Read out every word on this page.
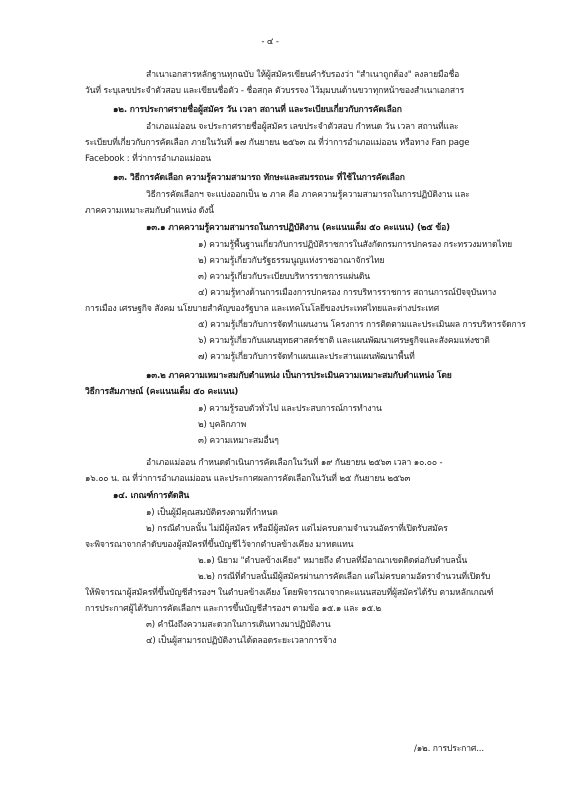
- ๔ -
สำเนาเอกสารหลักฐานทุกฉบับ ให้ผู้สมัครเขียนคำรับรองว่า "สำเนาถูกต้อง" ลงลายมือชื่อ
วันที่ ระบุเลขประจำตัวสอบ และเขียนชื่อตัว - ชื่อสกุล ตัวบรรจง ไว้มุมบนด้านขวาทุกหน้าของสำเนาเอกสาร
๑๒. การประกาศรายชื่อผู้สมัคร วัน เวลา สถานที่ และระเบียบเกี่ยวกับการคัดเลือก
อำเภอแม่ออน จะประกาศรายชื่อผู้สมัคร เลขประจำตัวสอบ กำหนด วัน เวลา สถานที่และ
ระเบียบที่เกี่ยวกับการคัดเลือก ภายในวันที่ ๑๗ กันยายน ๒๕๖๓ ณ ที่ว่าการอำเภอแม่ออน หรือทาง Fan page
Facebook : ที่ว่าการอำเภอแม่ออน
๑๓. วิธีการคัดเลือก ความรู้ความสามารถ ทักษะและสมรรถนะ ที่ใช้ในการคัดเลือก
วิธีการคัดเลือกฯ จะแบ่งออกเป็น ๒ ภาค คือ ภาคความรู้ความสามารถในการปฏิบัติงาน และ
ภาคความเหมาะสมกับตำแหน่ง ดังนี้
๑๓.๑ ภาคความรู้ความสามารถในการปฏิบัติงาน (คะแนนเต็ม ๕๐ คะแนน) (๒๕ ข้อ)
๑) ความรู้พื้นฐานเกี่ยวกับการปฏิบัติราชการในสังกัดกรมการปกครอง กระทรวงมหาดไทย
๒) ความรู้เกี่ยวกับรัฐธรรมนูญแห่งราชอาณาจักรไทย
๓) ความรู้เกี่ยวกับระเบียบบริหารราชการแผ่นดิน
๔) ความรู้ทางด้านการเมืองการปกครอง การบริหารราชการ สถานการณ์ปัจจุบันทาง
การเมือง เศรษฐกิจ สังคม นโยบายสำคัญของรัฐบาล และเทคโนโลยีของประเทศไทยและต่างประเทศ
๕) ความรู้เกี่ยวกับการจัดทำแผนงาน โครงการ การติดตามและประเมินผล การบริหารจัดการ
๖) ความรู้เกี่ยวกับแผนยุทธศาสตร์ชาติ และแผนพัฒนาเศรษฐกิจและสังคมแห่งชาติ
๗) ความรู้เกี่ยวกับการจัดทำแผนและประสานแผนพัฒนาพื้นที่
๑๓.๒ ภาคความเหมาะสมกับตำแหน่ง เป็นการประเมินความเหมาะสมกับตำแหน่ง โดย
วิธีการสัมภาษณ์ (คะแนนเต็ม ๕๐ คะแนน)
๑) ความรู้รอบตัวทั่วไป และประสบการณ์การทำงาน
๒) บุคลิกภาพ
๓) ความเหมาะสมอื่นๆ
อำเภอแม่ออน กำหนดดำเนินการคัดเลือกในวันที่ ๑๙ กันยายน ๒๕๖๓ เวลา ๑๐.๐๐ -
๑๖.๐๐ น. ณ ที่ว่าการอำเภอแม่ออน และประกาศผลการคัดเลือกในวันที่ ๒๕ กันยายน ๒๕๖๓
๑๔. เกณฑ์การตัดสิน
๑) เป็นผู้มีคุณสมบัติตรงตามที่กำหนด
๒) กรณีตำบลนั้น ไม่มีผู้สมัคร หรือมีผู้สมัคร แต่ไม่ครบตามจำนวนอัตราที่เปิดรับสมัคร
จะพิจารณาจากลำดับของผู้สมัครที่ขึ้นบัญชีไว้จากตำบลข้างเคียง มาทดแทน
๒.๑) นิยาม "ตำบลข้างเคียง" หมายถึง ตำบลที่มีอาณาเขตติดต่อกับตำบลนั้น
๒.๒) กรณีที่ตำบลนั้นมีผู้สมัครผ่านการคัดเลือก แต่ไม่ครบตามอัตราจำนวนที่เปิดรับ
ให้พิจารณาผู้สมัครที่ขึ้นบัญชีสำรองฯ ในตำบลข้างเคียง โดยพิจารณาจากคะแนนสอบที่ผู้สมัครได้รับ ตามหลักเกณฑ์
การประกาศผู้ได้รับการคัดเลือกฯ และการขึ้นบัญชีสำรองฯ ตามข้อ ๑๕.๑ และ ๑๕.๒
๓) คำนึงถึงความสะดวกในการเดินทางมาปฏิบัติงาน
๔) เป็นผู้สามารถปฏิบัติงานได้ตลอดระยะเวลาการจ้าง
/๑๒. การประกาศ...
